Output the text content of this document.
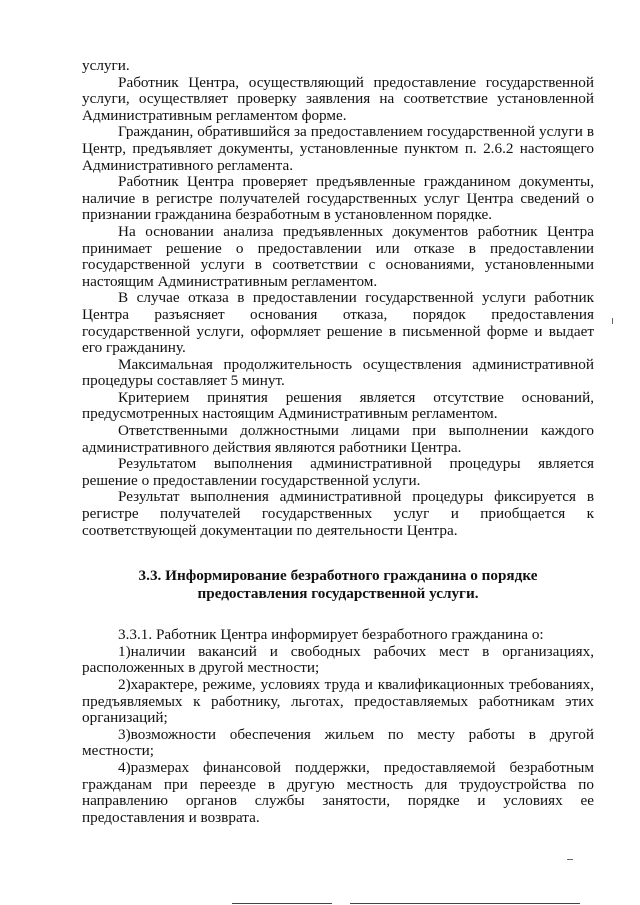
услуги.

Работник Центра, осуществляющий предоставление государственной услуги, осуществляет проверку заявления на соответствие установленной Административным регламентом форме.

Гражданин, обратившийся за предоставлением государственной услуги в Центр, предъявляет документы, установленные пунктом п. 2.6.2 настоящего Административного регламента.

Работник Центра проверяет предъявленные гражданином документы, наличие в регистре получателей государственных услуг Центра сведений о признании гражданина безработным в установленном порядке.

На основании анализа предъявленных документов работник Центра принимает решение о предоставлении или отказе в предоставлении государственной услуги в соответствии с основаниями, установленными настоящим Административным регламентом.

В случае отказа в предоставлении государственной услуги работник Центра разъясняет основания отказа, порядок предоставления государственной услуги, оформляет решение в письменной форме и выдает его гражданину.

Максимальная продолжительность осуществления административной процедуры составляет 5 минут.

Критерием принятия решения является отсутствие оснований, предусмотренных настоящим Административным регламентом.

Ответственными должностными лицами при выполнении каждого административного действия являются работники Центра.

Результатом выполнения административной процедуры является решение о предоставлении государственной услуги.

Результат выполнения административной процедуры фиксируется в регистре получателей государственных услуг и приобщается к соответствующей документации по деятельности Центра.

3.3. Информирование безработного гражданина о порядке
предоставления государственной услуги.

3.3.1. Работник Центра информирует безработного гражданина о:

1)наличии вакансий и свободных рабочих мест в организациях, расположенных в другой местности;

2)характере, режиме, условиях труда и квалификационных требованиях, предъявляемых к работнику, льготах, предоставляемых работникам этих организаций;

3)возможности обеспечения жильем по месту работы в другой местности;

4)размерах финансовой поддержки, предоставляемой безработным гражданам при переезде в другую местность для трудоустройства по направлению органов службы занятости, порядке и условиях ее предоставления и возврата.
